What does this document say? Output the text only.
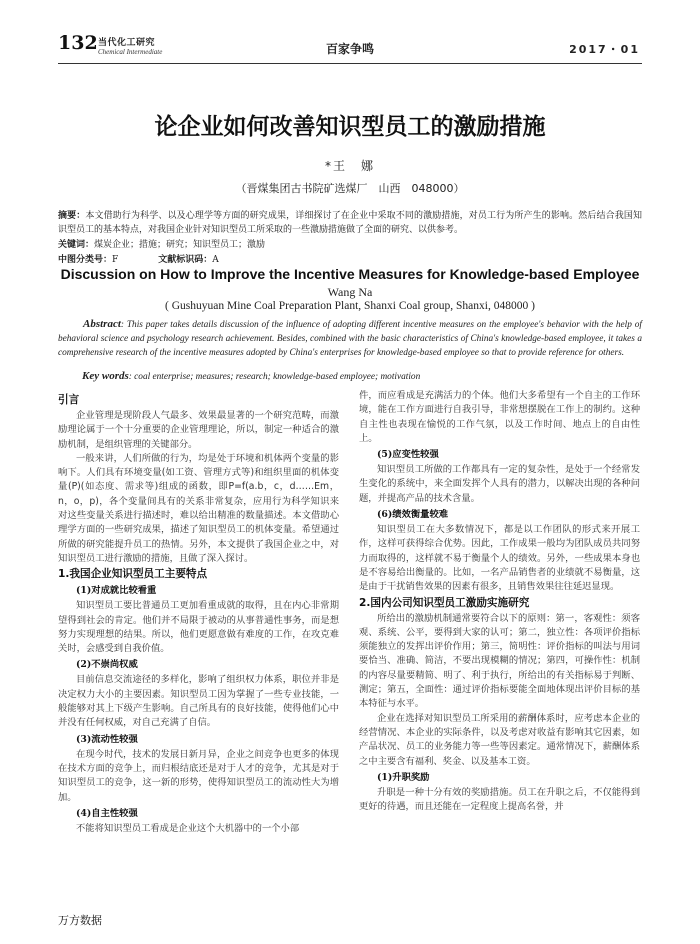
132 当代化工研究
Chemical Intermediate	百家争鸣	2017・01
论企业如何改善知识型员工的激励措施
*王　娜
（晋煤集团古书院矿选煤厂　山西　048000）
摘要：本文借助行为科学、以及心理学等方面的研究成果，详细探讨了在企业中采取不同的激励措施，对员工行为所产生的影响。然后结合我国知识型员工的基本特点，对我国企业针对知识型员工所采取的一些激励措施做了全面的研究、以供参考。
关键词：煤炭企业；措施；研究；知识型员工；激励
中图分类号：F	文献标识码：A
Discussion on How to Improve the Incentive Measures for Knowledge-based Employee
Wang Na
( Gushuyuan Mine Coal Preparation Plant, Shanxi Coal group, Shanxi, 048000 )
Abstract: This paper takes details discussion of the influence of adopting different incentive measures on the employee's behavior with the help of behavioral science and psychology research achievement. Besides, combined with the basic characteristics of China's knowledge-based employee, it takes a comprehensive research of the incentive measures adopted by China's enterprises for knowledge-based employee so that to provide reference for others.
Key words: coal enterprise; measures; research; knowledge-based employee; motivation
引言

企业管理是现阶段人气最多、效果最显著的一个研究范畴，而激励理论属于一个十分重要的企业管理理论，所以，制定一种适合的激励机制，是组织管理的关键部分。

一般来讲，人们所做的行为，均是处于环境和机体两个变量的影响下。人们具有环境变量(如工资、管理方式等)和组织里面的机体变量(P)(如态度、需求等)组成的函数，即P=f(a.b，c，d……Em，n，o，p)，各个变量间具有的关系非常复杂，应用行为科学知识来对这些变量关系进行描述时，难以给出精准的数量描述。本文借助心理学方面的一些研究成果，描述了知识型员工的机体变量。希望通过所做的研究能提升员工的热情。另外，本文提供了我国企业之中，对知识型员工进行激励的措施，且做了深入探讨。

1.我国企业知识型员工主要特点
(1)对成就比较看重

知识型员工要比普通员工更加看重成就的取得，且在内心非常期望得到社会的肯定。他们并不局限于被动的从事普通性事务，而是想努力实现理想的结果。所以，他们更愿意做有难度的工作，在攻克难关时，会感受到自我价值。

(2)不崇尚权威

目前信息交流途径的多样化，影响了组织权力体系，职位并非是决定权力大小的主要因素。知识型员工因为掌握了一些专业技能，一般能够对其上下级产生影响。自己所具有的良好技能，使得他们心中并没有任何权威，对自己充满了自信。

(3)流动性较强

在现今时代，技术的发展日新月异，企业之间竞争也更多的体现在技术方面的竞争上，而归根结底还是对于人才的竞争，尤其是对于知识型员工的竞争，这一新的形势，使得知识型员工的流动性大为增加。

(4)自主性较强

不能将知识型员工看成是企业这个大机器中的一个小部

件，而应看成是充满活力的个体。他们大多希望有一个自主的工作环境，能在工作方面进行自我引导，非常想摆脱在工作上的制约。这种自主性也表现在愉悦的工作气氛，以及工作时间、地点上的自由性上。

(5)应变性较强

知识型员工所做的工作都具有一定的复杂性，是处于一个经常发生变化的系统中，来全面发挥个人具有的潜力，以解决出现的各种问题，并提高产品的技术含量。

(6)绩效衡量较难

知识型员工在大多数情况下，都是以工作团队的形式来开展工作，这样可获得综合优势。因此，工作成果一般均为团队成员共同努力而取得的，这样就不易于衡量个人的绩效。另外，一些成果本身也是不容易给出衡量的。比如，一名产品销售者的业绩就不易衡量，这是由于干扰销售效果的因素有很多，且销售效果往往延迟显现。

2.国内公司知识型员工激励实施研究

所给出的激励机制通常要符合以下的原则：第一，客观性：须客观、系统、公平，要得到大家的认可；第二，独立性：各项评价指标须能独立的发挥出评价作用；第三，简明性：评价指标的叫法与用词要恰当、准确、简洁，不要出现模糊的情况；第四，可操作性：机制的内容尽量要精简、明了、利于执行，所给出的有关指标易于判断、测定；第五，全面性：通过评价指标要能全面地体现出评价目标的基本特征与水平。

企业在选择对知识型员工所采用的薪酬体系时，应考虑本企业的经营情况、本企业的实际条件，以及考虑对收益有影响其它因素，如产品状况、员工的业务能力等一些等因素定。通常情况下，薪酬体系之中主要含有福利、奖金、以及基本工资。

(1)升职奖励

升职是一种十分有效的奖励措施。员工在升职之后，不仅能得到更好的待遇，而且还能在一定程度上提高名誉，并

万方数据
